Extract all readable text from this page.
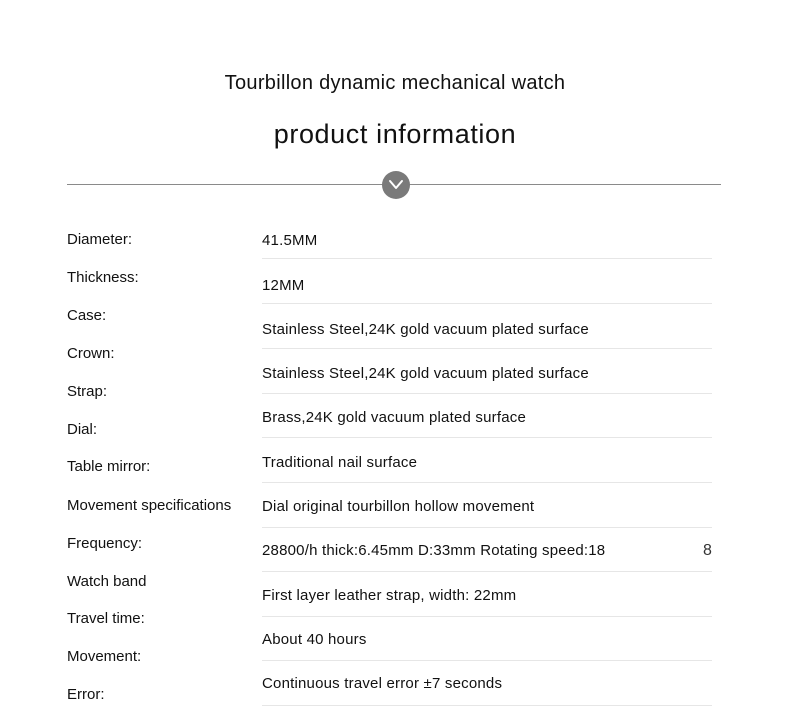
Tourbillon dynamic mechanical watch
product information
Diameter:
Thickness:
Case:
Crown:
Strap:
Dial:
Table mirror:
Movement specifications
Frequency:
Watch band
Travel time:
Movement:
Error:
41.5MM
12MM
Stainless Steel,24K gold vacuum plated surface
Stainless Steel,24K gold vacuum plated surface
Brass,24K gold vacuum plated surface
Traditional nail surface
Dial original tourbillon hollow movement
28800/h thick:6.45mm D:33mm Rotating speed:18	8
First layer leather strap, width: 22mm
About 40 hours
Continuous travel error ±7 seconds
